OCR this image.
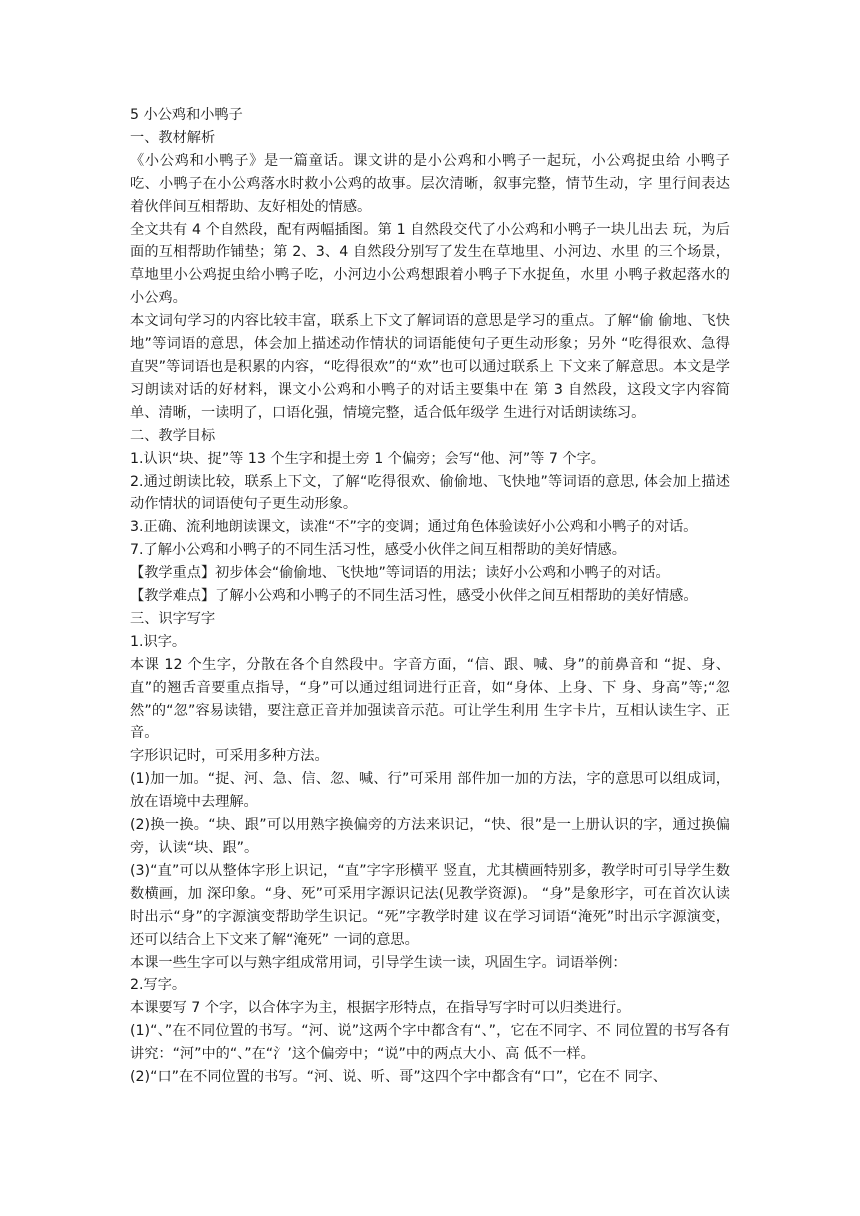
5 小公鸡和小鸭子

一、教材解析

《小公鸡和小鸭子》是一篇童话。课文讲的是小公鸡和小鸭子一起玩，小公鸡捉虫给 小鸭子吃、小鸭子在小公鸡落水时救小公鸡的故事。层次清晰，叙事完整，情节生动，字 里行间表达着伙伴间互相帮助、友好相处的情感。

全文共有 4 个自然段，配有两幅插图。第 1 自然段交代了小公鸡和小鸭子一块儿出去 玩，为后面的互相帮助作铺垫；第 2、3、4 自然段分别写了发生在草地里、小河边、水里 的三个场景，草地里小公鸡捉虫给小鸭子吃，小河边小公鸡想跟着小鸭子下水捉鱼，水里 小鸭子救起落水的小公鸡。

本文词句学习的内容比较丰富，联系上下文了解词语的意思是学习的重点。了解“偷 偷地、飞快地”等词语的意思，体会加上描述动作情状的词语能使句子更生动形象；另外 “吃得很欢、急得直哭”等词语也是积累的内容，“吃得很欢”的“欢”也可以通过联系上 下文来了解意思。本文是学习朗读对话的好材料，课文小公鸡和小鸭子的对话主要集中在 第 3 自然段，这段文字内容简单、清晰，一读明了，口语化强，情境完整，适合低年级学 生进行对话朗读练习。

二、教学目标

1.认识“块、捉”等 13 个生字和提土旁 1 个偏旁；会写“他、河”等 7 个字。

2.通过朗读比较，联系上下文，了解“吃得很欢、偷偷地、飞快地”等词语的意思, 体会加上描述动作情状的词语使句子更生动形象。

3.正确、流利地朗读课文，读准“不”字的变调；通过角色体验读好小公鸡和小鸭子的对话。

7.了解小公鸡和小鸭子的不同生活习性，感受小伙伴之间互相帮助的美好情感。

【教学重点】初步体会“偷偷地、飞快地”等词语的用法；读好小公鸡和小鸭子的对话。

【教学难点】了解小公鸡和小鸭子的不同生活习性，感受小伙伴之间互相帮助的美好情感。

三、识字写字

1.识字。

本课 12 个生字，分散在各个自然段中。字音方面，“信、跟、喊、身”的前鼻音和 “捉、身、直”的翘舌音要重点指导，“身”可以通过组词进行正音，如“身体、上身、下 身、身高”等;“忽然”的“忽”容易读错，要注意正音并加强读音示范。可让学生利用 生字卡片，互相认读生字、正音。

字形识记时，可采用多种方法。

(1)加一加。“捉、河、急、信、忽、喊、行”可采用 部件加一加的方法，字的意思可以组成词，放在语境中去理解。

(2)换一换。“块、跟”可以用熟字换偏旁的方法来识记，“快、很”是一上册认识的字，通过换偏旁，认读“块、跟”。

(3)“直”可以从整体字形上识记，“直”字字形横平 竖直，尤其横画特别多，教学时可引导学生数数横画，加 深印象。“身、死”可采用字源识记法(见教学资源)。 “身”是象形字，可在首次认读时出示“身”的字源演变帮助学生识记。“死”字教学时建 议在学习词语“淹死”时出示字源演变，还可以结合上下文来了解“淹死” 一词的意思。

本课一些生字可以与熟字组成常用词，引导学生读一读，巩固生字。词语举例：

2.写字。

本课要写 7 个字，以合体字为主，根据字形特点，在指导写字时可以归类进行。

(1)“、”在不同位置的书写。“河、说”这两个字中都含有“、”，它在不同字、不 同位置的书写各有讲究：“河”中的“、”在“氵’这个偏旁中；“说”中的两点大小、高 低不一样。

(2)“口”在不同位置的书写。“河、说、听、哥”这四个字中都含有“口”，它在不 同字、
